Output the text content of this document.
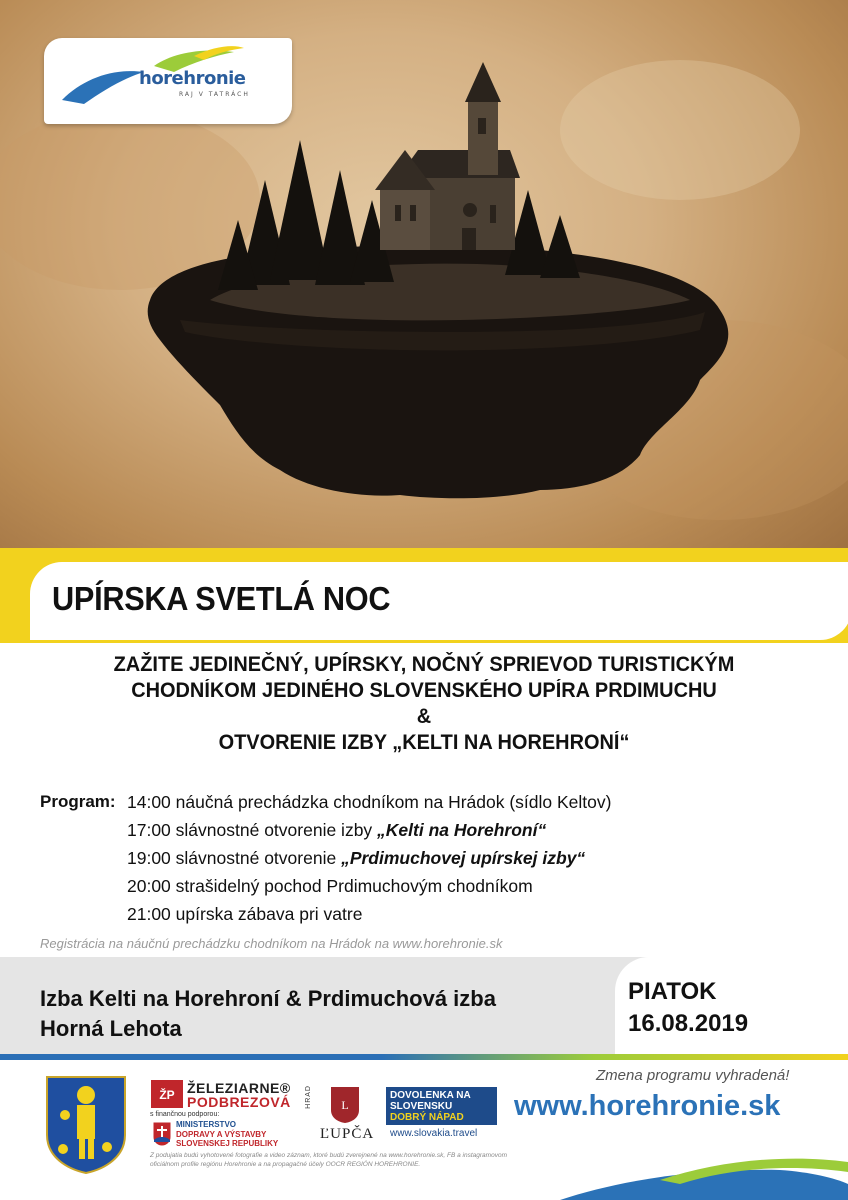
horehronie
RAJ V TATRÁCH
UPÍRSKA SVETLÁ NOC
ZAŽITE JEDINEČNÝ, UPÍRSKY, NOČNÝ SPRIEVOD TURISTICKÝM
CHODNÍKOM JEDINÉHO SLOVENSKÉHO UPÍRA PRDIMUCHU
&
OTVORENIE IZBY „KELTI NA HOREHRONÍ“
Program: 14:00 náučná prechádzka chodníkom na Hrádok (sídlo Keltov)
17:00 slávnostné otvorenie izby „Kelti na Horehroní“
19:00 slávnostné otvorenie „Prdimuchovej upírskej izby“
20:00 strašidelný pochod Prdimuchovým chodníkom
21:00 upírska zábava pri vatre
Registrácia na náučnú prechádzku chodníkom na Hrádok na www.horehronie.sk
Izba Kelti na Horehroní & Prdimuchová izba
Horná Lehota
PIATOK
16.08.2019
ŽP ŽELEZIARNE®
PODBREZOVÁ
s finančnou podporou:
MINISTERSTVO
DOPRAVY A VÝSTAVBY
SLOVENSKEJ REPUBLIKY
HRAD L
ĽUPČA
DOVOLENKA NA
SLOVENSKU
DOBRÝ NÁPAD
www.slovakia.travel
Zmena programu vyhradená!
www.horehronie.sk
Z podujatia budú vyhotovené fotografie a video záznam, ktoré budú zverejnené na www.horehronie.sk, FB a instagramovom
oficiálnom profile regiónu Horehronie a na propagačné účely OOCR REGIÓN HOREHRONIE.
